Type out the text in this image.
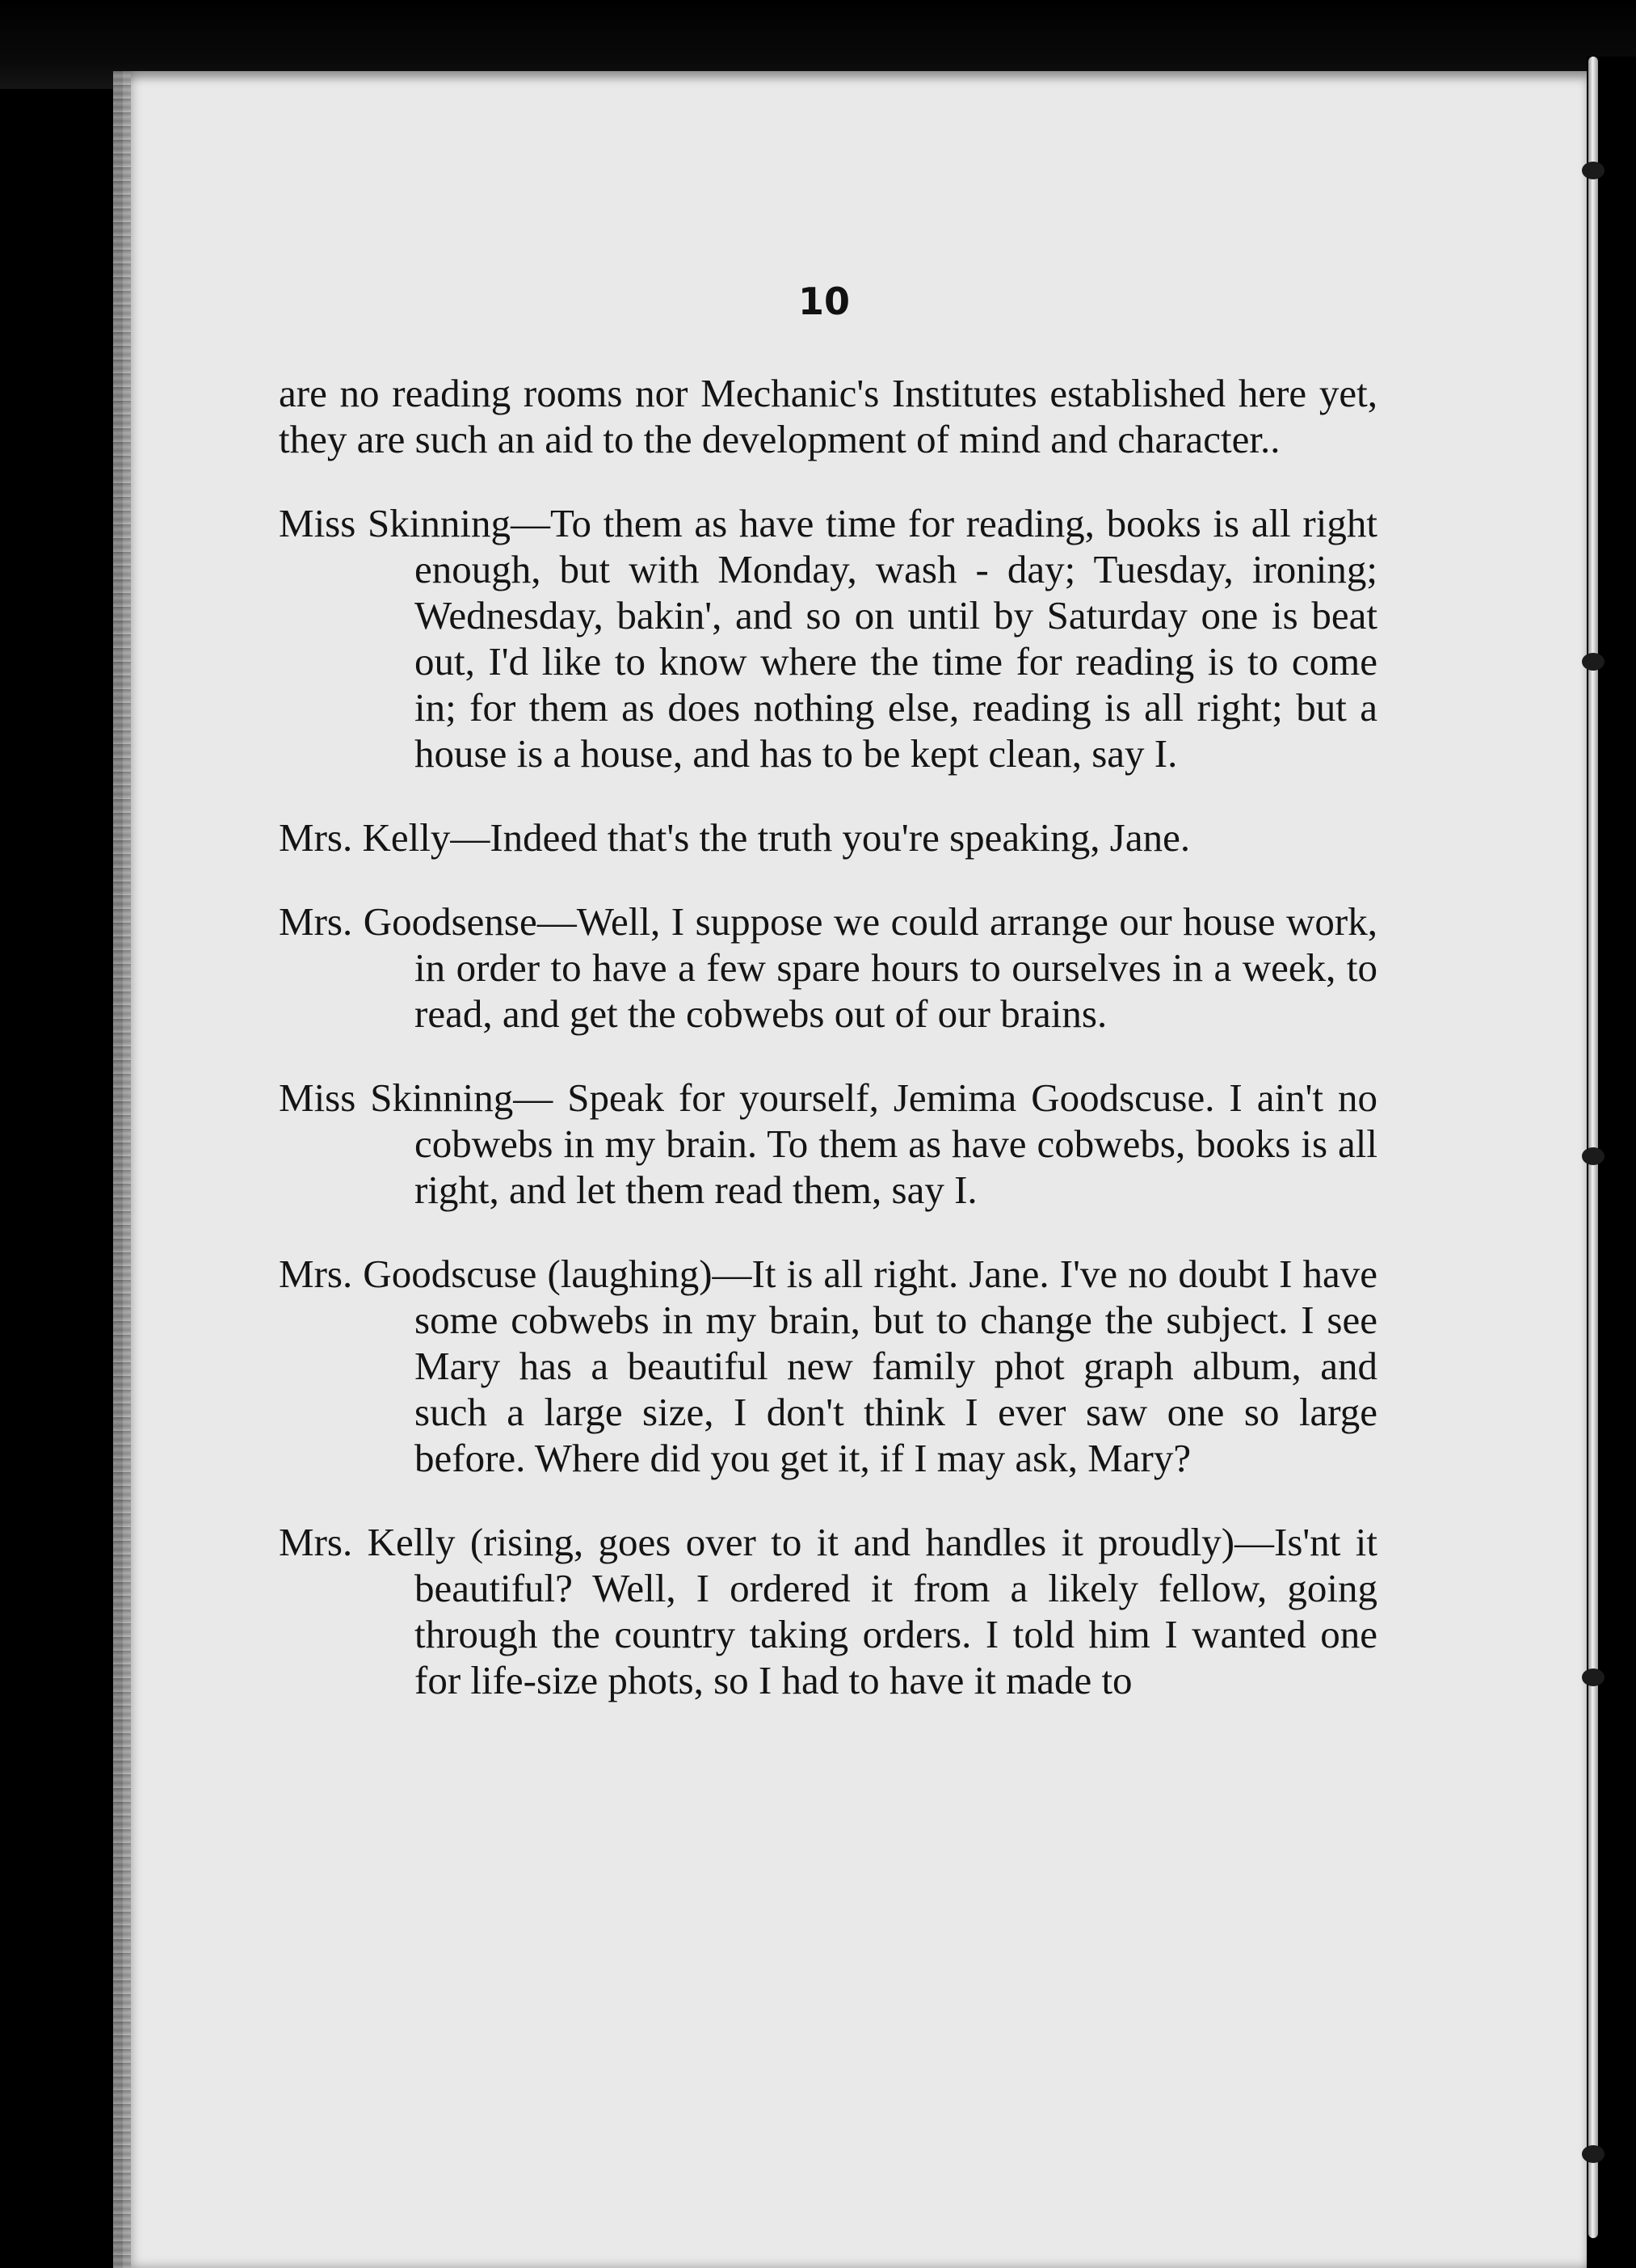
10

are no reading rooms nor Mechanic's Institutes established here yet, they are such an aid to the development of mind and character..

Miss Skinning—To them as have time for reading, books is all right enough, but with Monday, wash - day; Tuesday, ironing; Wednesday, bakin', and so on until by Saturday one is beat out, I'd like to know where the time for reading is to come in; for them as does nothing else, reading is all right; but a house is a house, and has to be kept clean, say I.

Mrs. Kelly—Indeed that's the truth you're speaking, Jane.

Mrs. Goodsense—Well, I suppose we could arrange our house work, in order to have a few spare hours to ourselves in a week, to read, and get the cobwebs out of our brains.

Miss Skinning— Speak for yourself, Jemima Goodscuse. I ain't no cobwebs in my brain. To them as have cobwebs, books is all right, and let them read them, say I.

Mrs. Goodscuse (laughing)—It is all right. Jane. I've no doubt I have some cobwebs in my brain, but to change the subject. I see Mary has a beautiful new family phot graph album, and such a large size, I don't think I ever saw one so large before. Where did you get it, if I may ask, Mary?

Mrs. Kelly (rising, goes over to it and handles it proudly)—Is'nt it beautiful? Well, I ordered it from a likely fellow, going through the country taking orders. I told him I wanted one for life-size phots, so I had to have it made to
